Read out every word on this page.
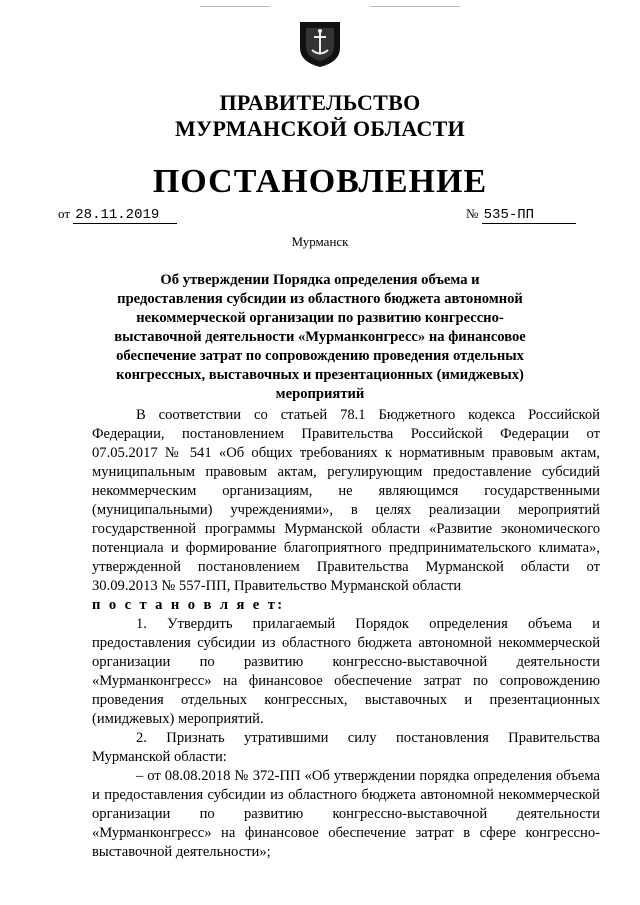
ПРАВИТЕЛЬСТВО
МУРМАНСКОЙ ОБЛАСТИ
ПОСТАНОВЛЕНИЕ
от 28.11.2019	№ 535-ПП
Мурманск
Об утверждении Порядка определения объема и предоставления субсидии из областного бюджета автономной некоммерческой организации по развитию конгрессно-выставочной деятельности «Мурманконгресс» на финансовое обеспечение затрат по сопровождению проведения отдельных конгрессных, выставочных и презентационных (имиджевых) мероприятий

В соответствии со статьей 78.1 Бюджетного кодекса Российской Федерации, постановлением Правительства Российской Федерации от 07.05.2017 № 541 «Об общих требованиях к нормативным правовым актам, муниципальным правовым актам, регулирующим предоставление субсидий некоммерческим организациям, не являющимся государственными (муниципальными) учреждениями», в целях реализации мероприятий государственной программы Мурманской области «Развитие экономического потенциала и формирование благоприятного предпринимательского климата», утвержденной постановлением Правительства Мурманской области от 30.09.2013 № 557-ПП, Правительство Мурманской области

п о с т а н о в л я е т:

1. Утвердить прилагаемый Порядок определения объема и предоставления субсидии из областного бюджета автономной некоммерческой организации по развитию конгрессно-выставочной деятельности «Мурманконгресс» на финансовое обеспечение затрат по сопровождению проведения отдельных конгрессных, выставочных и презентационных (имиджевых) мероприятий.

2. Признать утратившими силу постановления Правительства Мурманской области:

– от 08.08.2018 № 372-ПП «Об утверждении порядка определения объема и предоставления субсидии из областного бюджета автономной некоммерческой организации по развитию конгрессно-выставочной деятельности «Мурманконгресс» на финансовое обеспечение затрат в сфере конгрессно-выставочной деятельности»;
